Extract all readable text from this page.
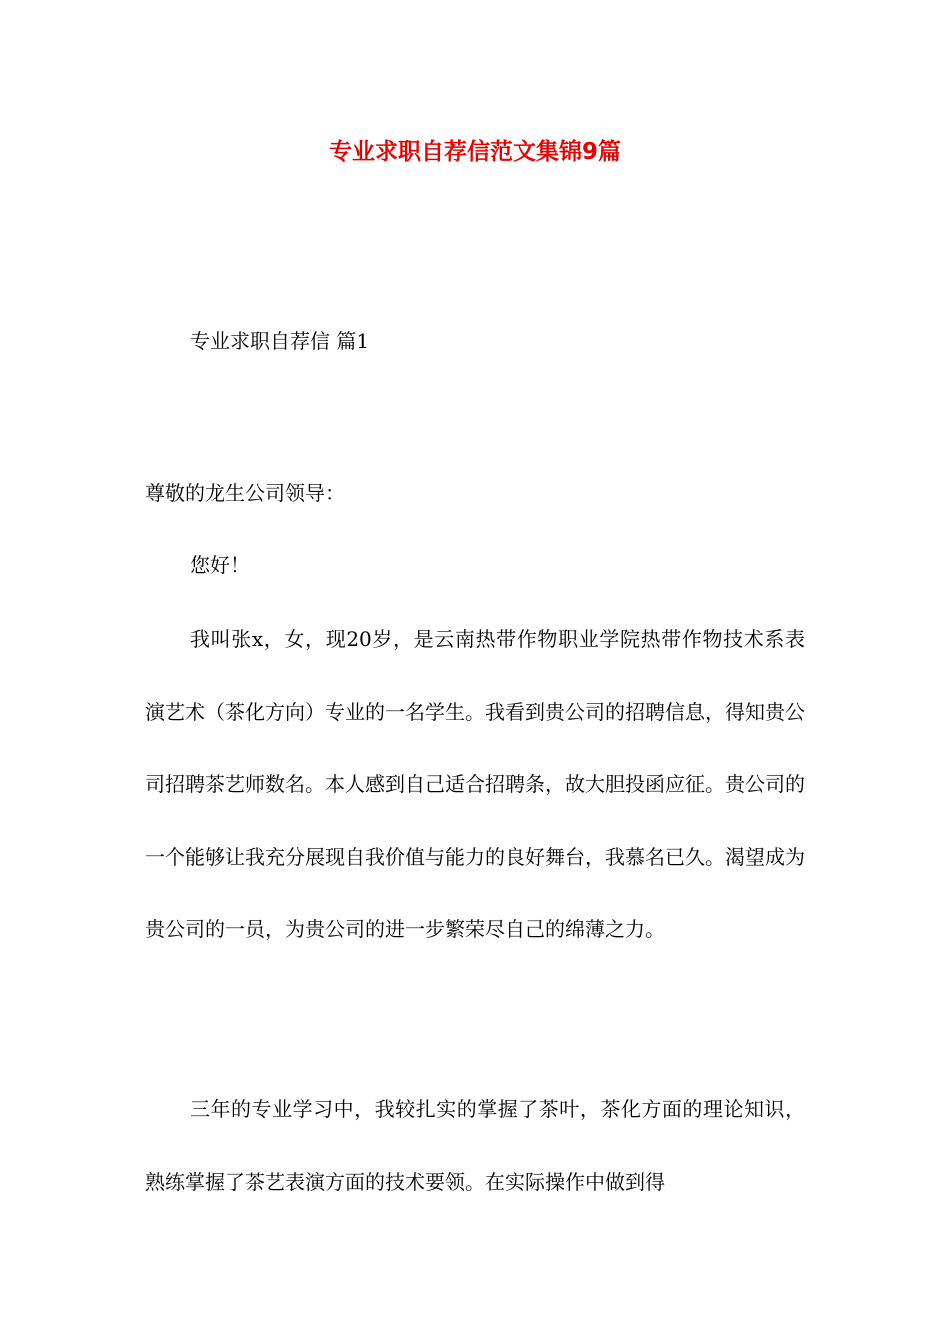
专业求职自荐信范文集锦9篇

专业求职自荐信 篇1

尊敬的龙生公司领导：

您好！

我叫张x，女，现20岁，是云南热带作物职业学院热带作物技术系表演艺术（茶化方向）专业的一名学生。我看到贵公司的招聘信息，得知贵公司招聘茶艺师数名。本人感到自己适合招聘条，故大胆投函应征。贵公司的一个能够让我充分展现自我价值与能力的良好舞台，我慕名已久。渴望成为贵公司的一员，为贵公司的进一步繁荣尽自己的绵薄之力。

三年的专业学习中，我较扎实的掌握了茶叶，茶化方面的理论知识，熟练掌握了茶艺表演方面的技术要领。在实际操作中做到得
